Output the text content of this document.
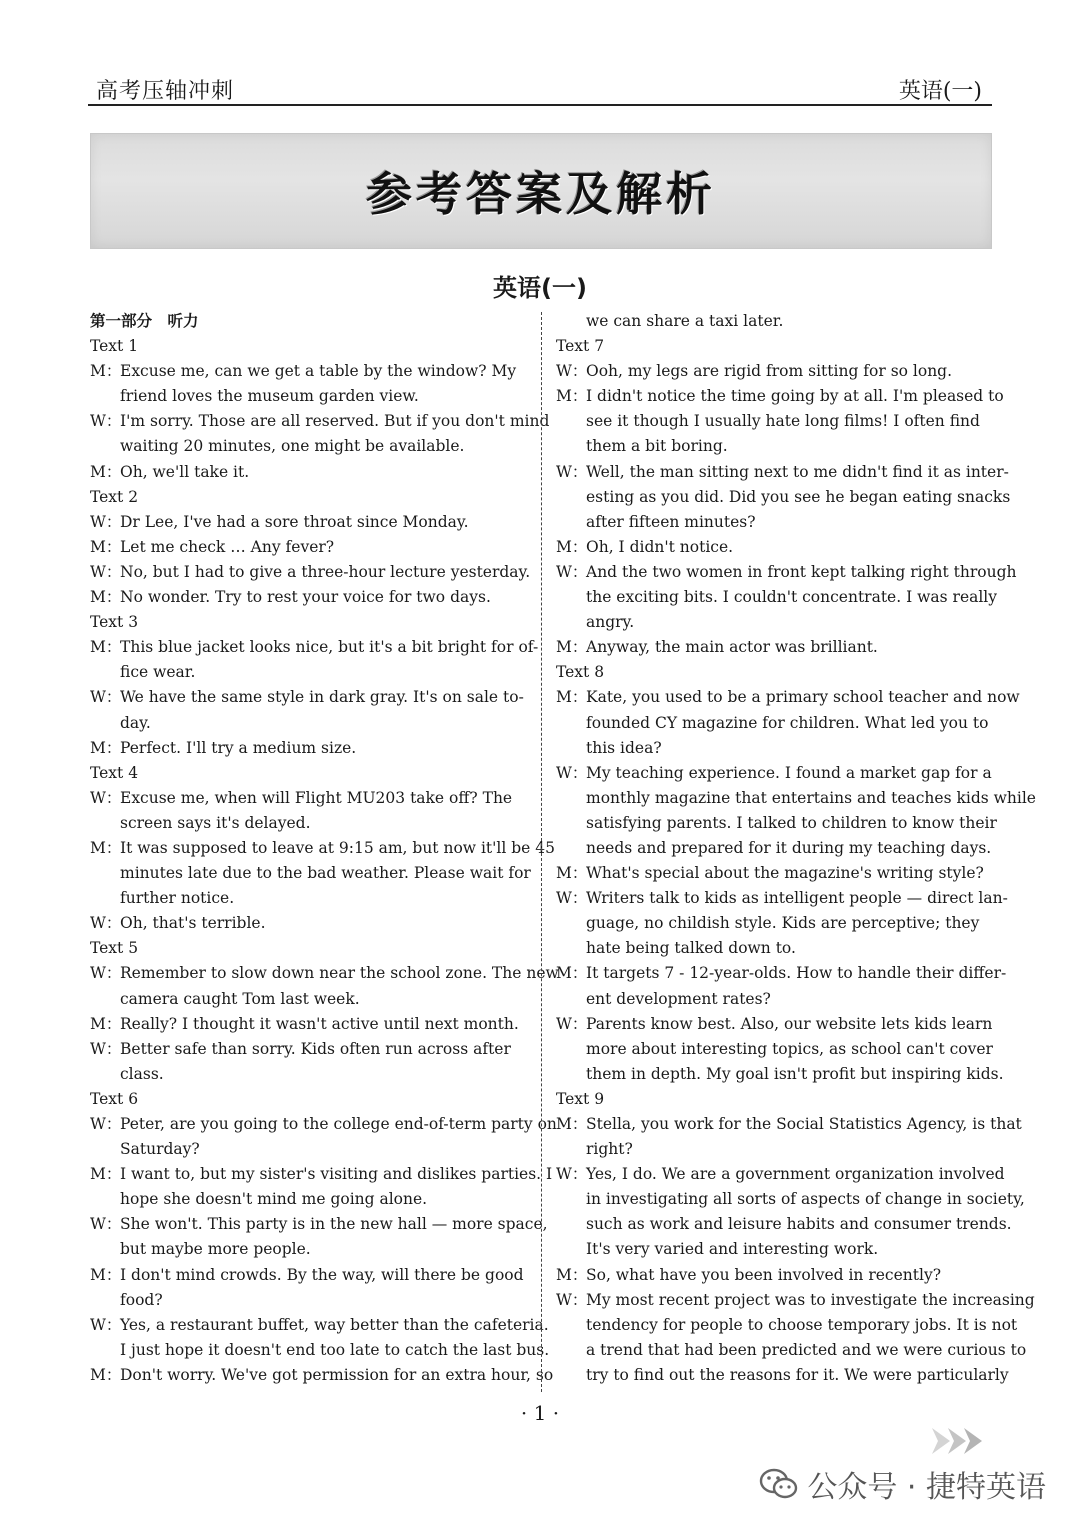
高考压轴冲刺	英语(一)
参考答案及解析
英语(一)
第一部分　听力
Text 1
M：
Excuse me, can we get a table by the window? My
friend loves the museum garden view.
W：
I'm sorry. Those are all reserved. But if you don't mind
waiting 20 minutes, one might be available.
M：
Oh, we'll take it.
Text 2
W：
Dr Lee, I've had a sore throat since Monday.
M：
Let me check … Any fever?
W：
No, but I had to give a three-hour lecture yesterday.
M：
No wonder. Try to rest your voice for two days.
Text 3
M：
This blue jacket looks nice, but it's a bit bright for of-
fice wear.
W：
We have the same style in dark gray. It's on sale to-
day.
M：
Perfect. I'll try a medium size.
Text 4
W：
Excuse me, when will Flight MU203 take off? The
screen says it's delayed.
M：
It was supposed to leave at 9:15 am, but now it'll be 45
minutes late due to the bad weather. Please wait for
further notice.
W：
Oh, that's terrible.
Text 5
W：
Remember to slow down near the school zone. The new
camera caught Tom last week.
M：
Really? I thought it wasn't active until next month.
W：
Better safe than sorry. Kids often run across after
class.
Text 6
W：
Peter, are you going to the college end-of-term party on
Saturday?
M：
I want to, but my sister's visiting and dislikes parties. I
hope she doesn't mind me going alone.
W：
She won't. This party is in the new hall — more space,
but maybe more people.
M：
I don't mind crowds. By the way, will there be good
food?
W：
Yes, a restaurant buffet, way better than the cafeteria.
I just hope it doesn't end too late to catch the last bus.
M：
Don't worry. We've got permission for an extra hour, so
we can share a taxi later.
Text 7
W：
Ooh, my legs are rigid from sitting for so long.
M：
I didn't notice the time going by at all. I'm pleased to
see it though I usually hate long films! I often find
them a bit boring.
W：
Well, the man sitting next to me didn't find it as inter-
esting as you did. Did you see he began eating snacks
after fifteen minutes?
M：
Oh, I didn't notice.
W：
And the two women in front kept talking right through
the exciting bits. I couldn't concentrate. I was really
angry.
M：
Anyway, the main actor was brilliant.
Text 8
M：
Kate, you used to be a primary school teacher and now
founded CY magazine for children. What led you to
this idea?
W：
My teaching experience. I found a market gap for a
monthly magazine that entertains and teaches kids while
satisfying parents. I talked to children to know their
needs and prepared for it during my teaching days.
M：
What's special about the magazine's writing style?
W：
Writers talk to kids as intelligent people — direct lan-
guage, no childish style. Kids are perceptive; they
hate being talked down to.
M：
It targets 7 - 12-year-olds. How to handle their differ-
ent development rates?
W：
Parents know best. Also, our website lets kids learn
more about interesting topics, as school can't cover
them in depth. My goal isn't profit but inspiring kids.
Text 9
M：
Stella, you work for the Social Statistics Agency, is that
right?
W：
Yes, I do. We are a government organization involved
in investigating all sorts of aspects of change in society,
such as work and leisure habits and consumer trends.
It's very varied and interesting work.
M：
So, what have you been involved in recently?
W：
My most recent project was to investigate the increasing
tendency for people to choose temporary jobs. It is not
a trend that had been predicted and we were curious to
try to find out the reasons for it. We were particularly
· 1 ·
公众号 · 捷特英语
